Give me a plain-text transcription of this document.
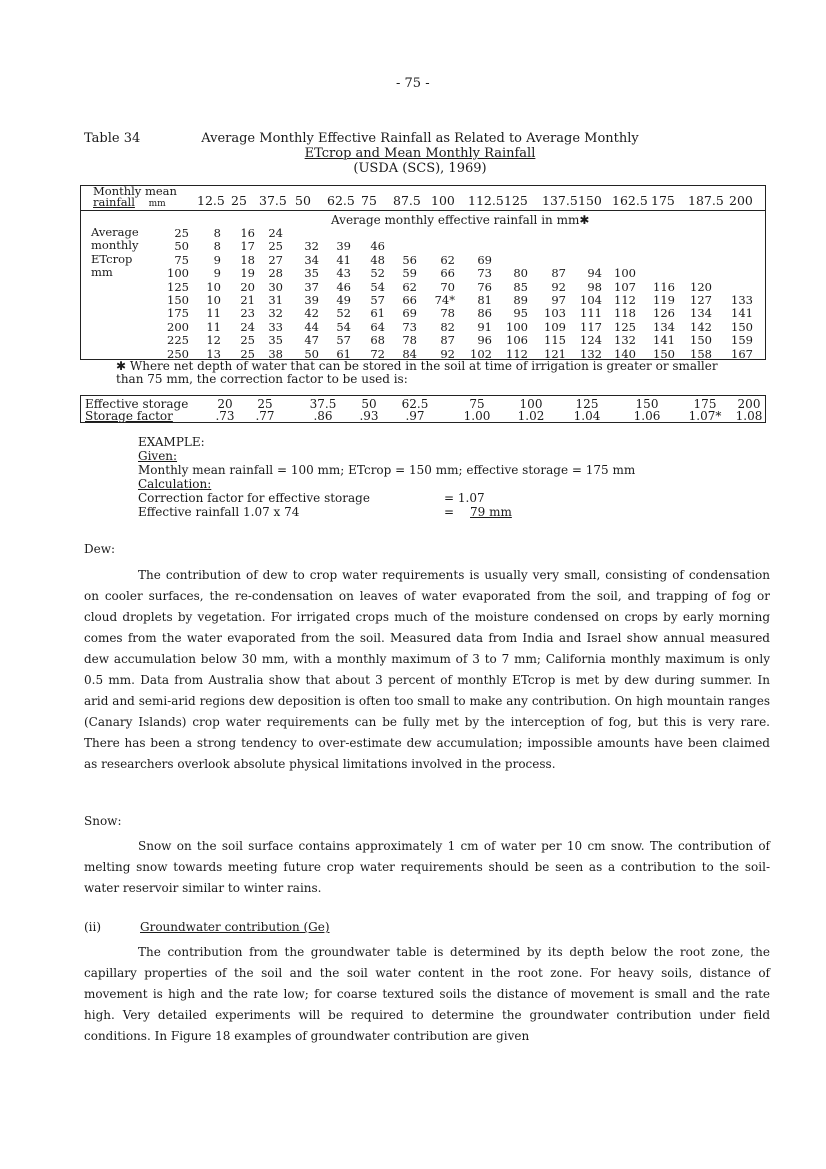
- 75 -
Table 34	Average Monthly Effective Rainfall as Related to Average Monthly
ETcrop and Mean Monthly Rainfall
(USDA (SCS), 1969)
Monthly mean
rainfall mm	12.5 25 37.5 50 62.5 75 87.5 100 112.5 125 137.5 150 162.5 175 187.5 200
Average monthly effective rainfall in mm✱
Average
monthly
ETcrop
mm
25	8	16	24
50	8	17	25	32	39	46
75	9	18	27	34	41	48	56	62	69
100	9	19	28	35	43	52	59	66	73	80	87	94	100
125	10	20	30	37	46	54	62	70	76	85	92	98	107	116	120
150	10	21	31	39	49	57	66	74*	81	89	97	104	112	119	127	133
175	11	23	32	42	52	61	69	78	86	95	103	111	118	126	134	141
200	11	24	33	44	54	64	73	82	91	100	109	117	125	134	142	150
225	12	25	35	47	57	68	78	87	96	106	115	124	132	141	150	159
250	13	25	38	50	61	72	84	92	102	112	121	132	140	150	158	167
✱ Where net depth of water that can be stored in the soil at time of irrigation is greater or smaller than 75 mm, the correction factor to be used is:
Effective storage
Storage factor
20	25	37.5	50	62.5	75	100	125	150	175	200
.73	.77	.86	.93	.97	1.00	1.02	1.04	1.06	1.07*	1.08
EXAMPLE:
Given:
Monthly mean rainfall = 100 mm; ETcrop = 150 mm; effective storage = 175 mm
Calculation:
Correction factor for effective storage	= 1.07
Effective rainfall 1.07 x 74	= 79 mm
Dew:

The contribution of dew to crop water requirements is usually very small, consisting of condensation on cooler surfaces, the re-condensation on leaves of water evaporated from the soil, and trapping of fog or cloud droplets by vegetation. For irrigated crops much of the moisture condensed on crops by early morning comes from the water evaporated from the soil. Measured data from India and Israel show annual measured dew accumulation below 30 mm, with a monthly maximum of 3 to 7 mm; California monthly maximum is only 0.5 mm. Data from Australia show that about 3 percent of monthly ETcrop is met by dew during summer. In arid and semi-arid regions dew deposition is often too small to make any contribution. On high mountain ranges (Canary Islands) crop water requirements can be fully met by the interception of fog, but this is very rare. There has been a strong tendency to over-estimate dew accumulation; impossible amounts have been claimed as researchers overlook absolute physical limitations involved in the process.

Snow:

Snow on the soil surface contains approximately 1 cm of water per 10 cm snow. The contribution of melting snow towards meeting future crop water requirements should be seen as a contribution to the soil-water reservoir similar to winter rains.

(ii)	Groundwater contribution (Ge)

The contribution from the groundwater table is determined by its depth below the root zone, the capillary properties of the soil and the soil water content in the root zone. For heavy soils, distance of movement is high and the rate low; for coarse textured soils the distance of movement is small and the rate high. Very detailed experiments will be required to determine the groundwater contribution under field conditions. In Figure 18 examples of groundwater contribution are given
